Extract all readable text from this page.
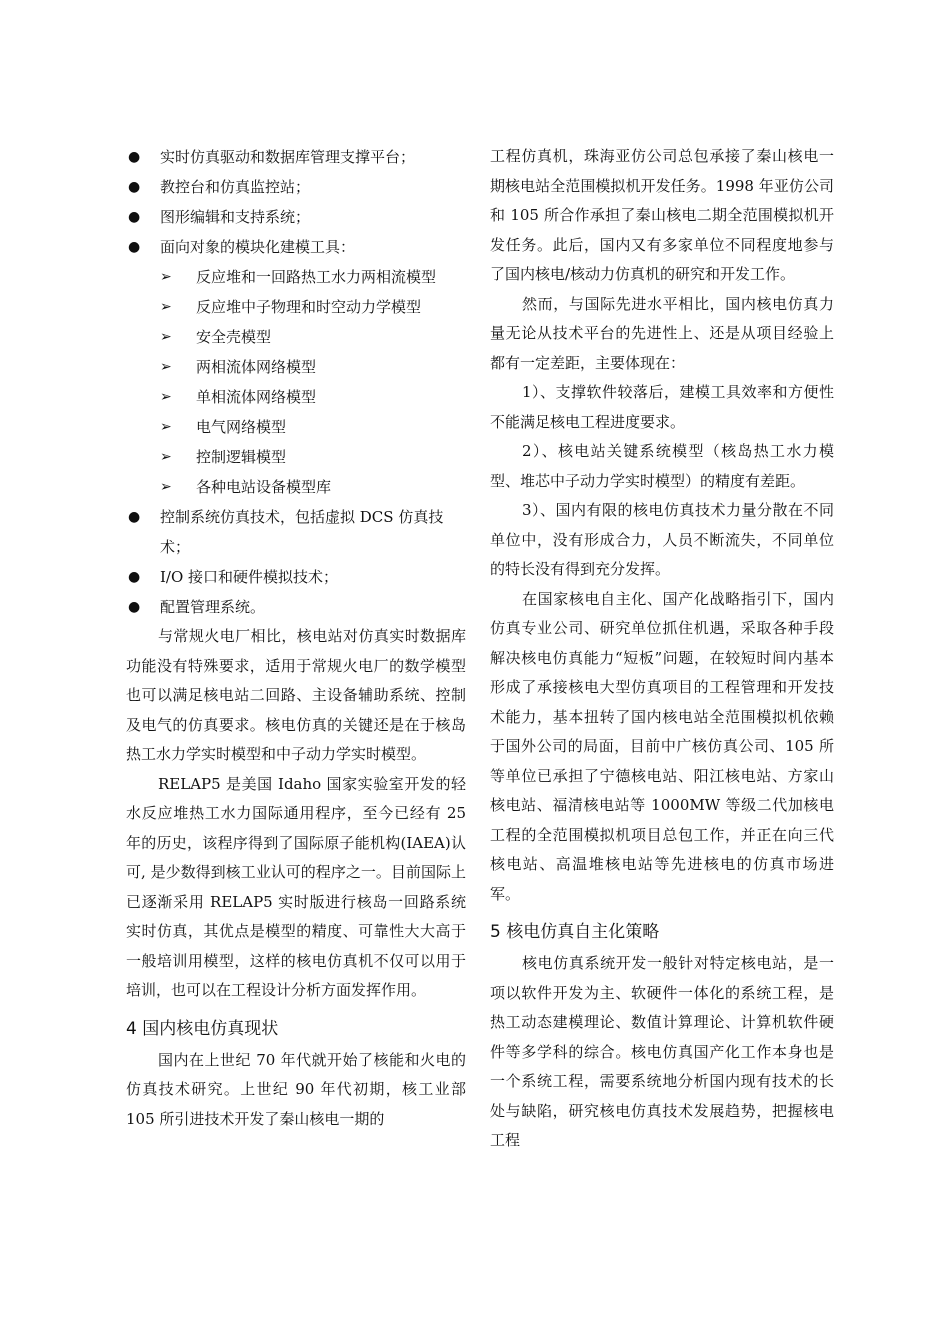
●	实时仿真驱动和数据库管理支撑平台；
●	教控台和仿真监控站；
●	图形编辑和支持系统；
●	面向对象的模块化建模工具：
➢	反应堆和一回路热工水力两相流模型
➢	反应堆中子物理和时空动力学模型
➢	安全壳模型
➢	两相流体网络模型
➢	单相流体网络模型
➢	电气网络模型
➢	控制逻辑模型
➢	各种电站设备模型库
●	控制系统仿真技术，包括虚拟 DCS 仿真技术；
●	I/O 接口和硬件模拟技术；
●	配置管理系统。

与常规火电厂相比，核电站对仿真实时数据库功能没有特殊要求，适用于常规火电厂的数学模型也可以满足核电站二回路、主设备辅助系统、控制及电气的仿真要求。核电仿真的关键还是在于核岛热工水力学实时模型和中子动力学实时模型。

RELAP5 是美国 Idaho 国家实验室开发的轻水反应堆热工水力国际通用程序，至今已经有 25 年的历史，该程序得到了国际原子能机构(IAEA)认可, 是少数得到核工业认可的程序之一。目前国际上已逐渐采用 RELAP5 实时版进行核岛一回路系统实时仿真，其优点是模型的精度、可靠性大大高于一般培训用模型，这样的核电仿真机不仅可以用于培训，也可以在工程设计分析方面发挥作用。

4 国内核电仿真现状

国内在上世纪 70 年代就开始了核能和火电的仿真技术研究。上世纪 90 年代初期，核工业部 105 所引进技术开发了秦山核电一期的

工程仿真机，珠海亚仿公司总包承接了秦山核电一期核电站全范围模拟机开发任务。1998 年亚仿公司和 105 所合作承担了秦山核电二期全范围模拟机开发任务。此后，国内又有多家单位不同程度地参与了国内核电/核动力仿真机的研究和开发工作。

然而，与国际先进水平相比，国内核电仿真力量无论从技术平台的先进性上、还是从项目经验上都有一定差距，主要体现在：

1）、支撑软件较落后，建模工具效率和方便性不能满足核电工程进度要求。

2）、核电站关键系统模型（核岛热工水力模型、堆芯中子动力学实时模型）的精度有差距。

3）、国内有限的核电仿真技术力量分散在不同单位中，没有形成合力，人员不断流失，不同单位的特长没有得到充分发挥。

在国家核电自主化、国产化战略指引下，国内仿真专业公司、研究单位抓住机遇，采取各种手段解决核电仿真能力“短板”问题，在较短时间内基本形成了承接核电大型仿真项目的工程管理和开发技术能力，基本扭转了国内核电站全范围模拟机依赖于国外公司的局面，目前中广核仿真公司、105 所等单位已承担了宁德核电站、阳江核电站、方家山核电站、福清核电站等 1000MW 等级二代加核电工程的全范围模拟机项目总包工作，并正在向三代核电站、高温堆核电站等先进核电的仿真市场进军。

5 核电仿真自主化策略

核电仿真系统开发一般针对特定核电站，是一项以软件开发为主、软硬件一体化的系统工程，是热工动态建模理论、数值计算理论、计算机软件硬件等多学科的综合。核电仿真国产化工作本身也是一个系统工程，需要系统地分析国内现有技术的长处与缺陷，研究核电仿真技术发展趋势，把握核电工程
